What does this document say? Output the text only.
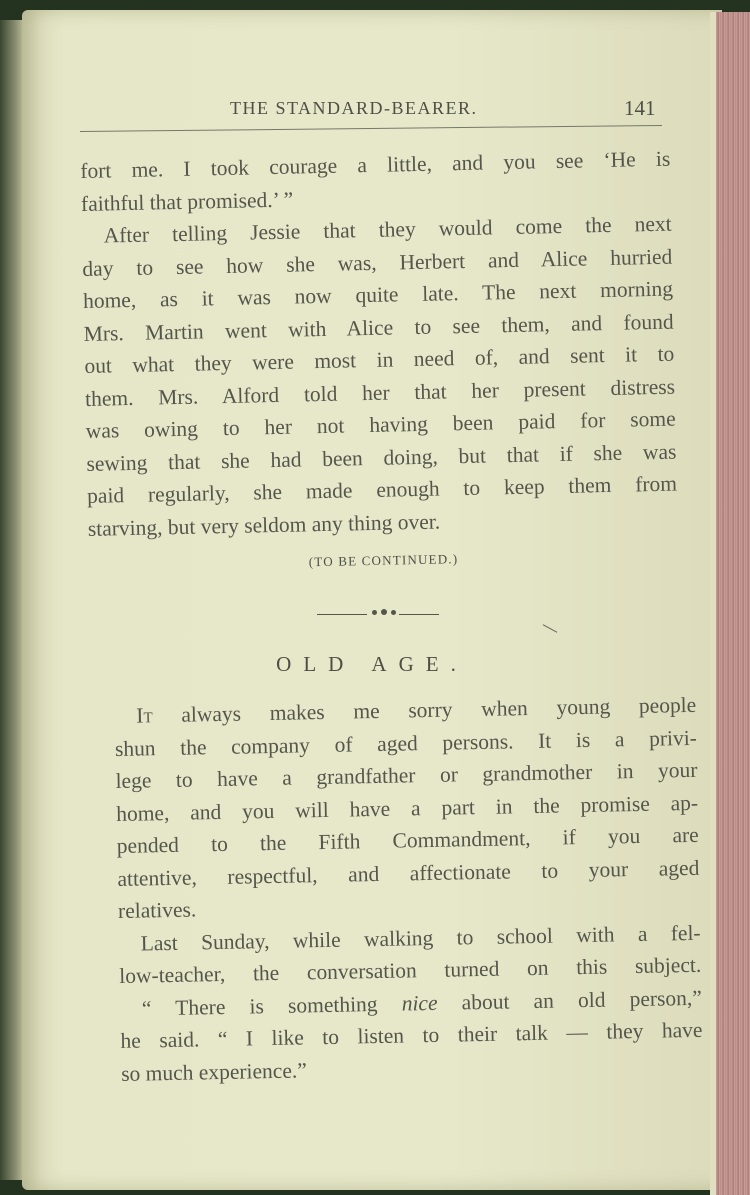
THE STANDARD-BEARER.	141
fort me. I took courage a little, and you see ‘He is
faithful that promised.’ ”
After telling Jessie that they would come the next
day to see how she was, Herbert and Alice hurried
home, as it was now quite late. The next morning
Mrs. Martin went with Alice to see them, and found
out what they were most in need of, and sent it to
them. Mrs. Alford told her that her present distress
was owing to her not having been paid for some
sewing that she had been doing, but that if she was
paid regularly, she made enough to keep them from
starving, but very seldom any thing over.
(TO BE CONTINUED.)
OLD AGE.
It always makes me sorry when young people
shun the company of aged persons. It is a privi-
lege to have a grandfather or grandmother in your
home, and you will have a part in the promise ap-
pended to the Fifth Commandment, if you are
attentive, respectful, and affectionate to your aged
relatives.
Last Sunday, while walking to school with a fel-
low-teacher, the conversation turned on this subject.
“ There is something nice about an old person,”
he said. “ I like to listen to their talk — they have
so much experience.”
